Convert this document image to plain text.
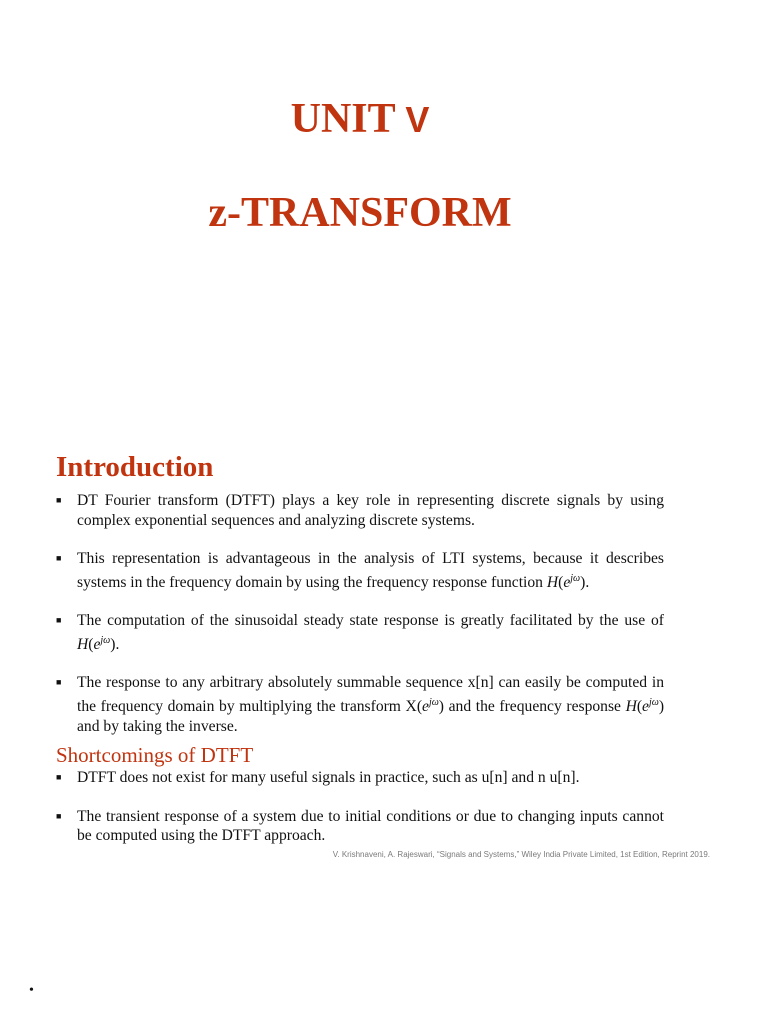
UNIT V
z-TRANSFORM
Introduction
■ DT Fourier transform (DTFT) plays a key role in representing discrete signals by using complex exponential sequences and analyzing discrete systems.
■ This representation is advantageous in the analysis of LTI systems, because it describes systems in the frequency domain by using the frequency response function $H(e^{j\omega})$.
■ The computation of the sinusoidal steady state response is greatly facilitated by the use of $H(e^{j\omega})$.
■ The response to any arbitrary absolutely summable sequence x[n] can easily be computed in the frequency domain by multiplying the transform $X(e^{j\omega})$ and the frequency response $H(e^{j\omega})$ and by taking the inverse.
Shortcomings of DTFT
■ DTFT does not exist for many useful signals in practice, such as u[n] and n u[n].
■ The transient response of a system due to initial conditions or due to changing inputs cannot be computed using the DTFT approach.
V. Krishnaveni, A. Rajeswari, “Signals and Systems,” Wiley India Private Limited, 1st Edition, Reprint 2019.
•
